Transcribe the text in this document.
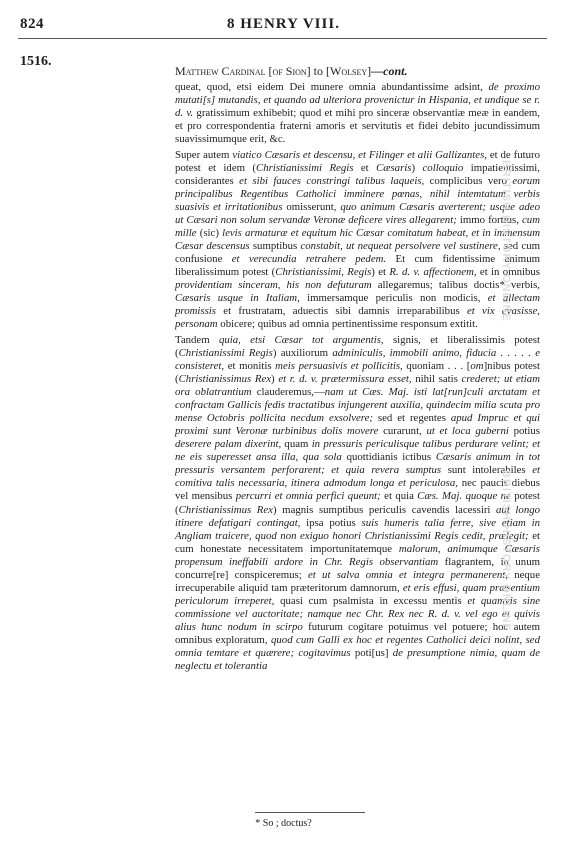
824	8 HENRY VIII.
1516.
Matthew Cardinal [of Sion] to [Wolsey]—cont.

queat, quod, etsi eidem Dei munere omnia abundantissime adsint, de proximo mutati[s] mutandis, et quando ad ulteriora provenictur in Hispania, et undique se r. d. v. gratissimum exhibebit; quod et mihi pro sinceræ observantiæ meæ in eandem, et pro correspondentia fraterni amoris et servitutis et fidei debito jucundissimum suavissimumque erit, &c.

Super autem viatico Cæsaris et descensu, et Filinger et alii Gallizantes, et de futuro potest et idem (Christianissimi Regis et Cæsaris) colloquio impatientissimi, considerantes et sibi fauces constringi talibus laqueis, complicibus vero eorum principalibus Regentibus Catholici imminere pœnas, nihil intemtatum verbis suasivis et irritationibus omisserunt, quo animum Cæsaris averterent; usque adeo ut Cæsari non solum servandæ Veronæ deficere vires allegarent; immo fortius, cum mille (sic) levis armaturæ et equitum hic Cæsar comitatum habeat, et in immensum Cæsar descensus sumptibus constabit, ut nequeat persolvere vel sustinere, sed cum confusione et verecundia retrahere pedem. Et cum fidentissime animum liberalissimum potest (Christianissimi, Regis) et R. d. v. affectionem, et in omnibus providentiam sinceram, his non defuturam allegaremus; talibus doctis* verbis, Cæsaris usque in Italiam, immersamque periculis non modicis, et allectam promissis et frustratam, aduectis sibi damnis irreparabilibus et vix evasisse, personam obicere; quibus ad omnia pertinentissime responsum extitit.

Tandem quia, etsi Cæsar tot argumentis, signis, et liberalissimis potest (Christianissimi Regis) auxiliorum adminiculis, immobili animo, fiducia . . . . . e consisteret, et monitis meis persuasivis et pollicitis, quoniam . . . [om]nibus potest (Christianissimus Rex) et r. d. v. prætermissura esset, nihil satis crederet; ut etiam ora oblatrantium clauderemus,—nam ut Cæs. Maj. isti lat[run]culi arctatam et confractam Gallicis fedis tractatibus injungerent auxilia, quindecim milia scuta pro mense Octobris pollicita necdum exsolvere; sed et regentes apud Impruc et qui proximi sunt Veronæ turbinibus dolis movere curarunt, ut et loca guberni potius deserere palam dixerint, quam in pressuris periculisque talibus perdurare velint; et ne eis superesset ansa illa, qua sola quottidianis ictibus Cæsaris animum in tot pressuris versantem perforarent; et quia revera sumptus sunt intolerabiles et comitiva talis necessaria, itinera admodum longa et periculosa, nec paucis diebus vel mensibus percurri et omnia perfici queunt; et quia Cæs. Maj. quoque ne potest (Christianissimus Rex) magnis sumptibus periculis cavendis lacessiri aut longo itinere defatigari contingat, ipsa potius suis humeris talia ferre, sive etiam in Angliam traicere, quod non exiguo honori Christianissimi Regis cedit, prælegit; et cum honestate necessitatem importunitatemque malorum, animumque Cæsaris propensum ineffabili ardore in Chr. Regis observantiam flagrantem, in unum concurre[re] conspiceremus; et ut salva omnia et integra permanerent, neque irrecuperabile aliquid tam præteritorum damnorum, et eris effusi, quam præsentium periculorum irreperet, quasi cum psalmista in excessu mentis et quamvis sine commissione vel auctoritate; namque nec Chr. Rex nec R. d. v. vel ego et quivis alius hunc nodum in scirpo futurum cogitare potuimus vel potuere; hoc autem omnibus exploratum, quod cum Galli ex hoc et regentes Catholici deici nolint, sed omnia temtare et quærere; cogitavimus poti[us] de presumptione nimia, quam de neglectu et tolerantia

BRITISH HISTORY ONLINE
BRITISH HISTORY ONLINE
* So ; doctus?
